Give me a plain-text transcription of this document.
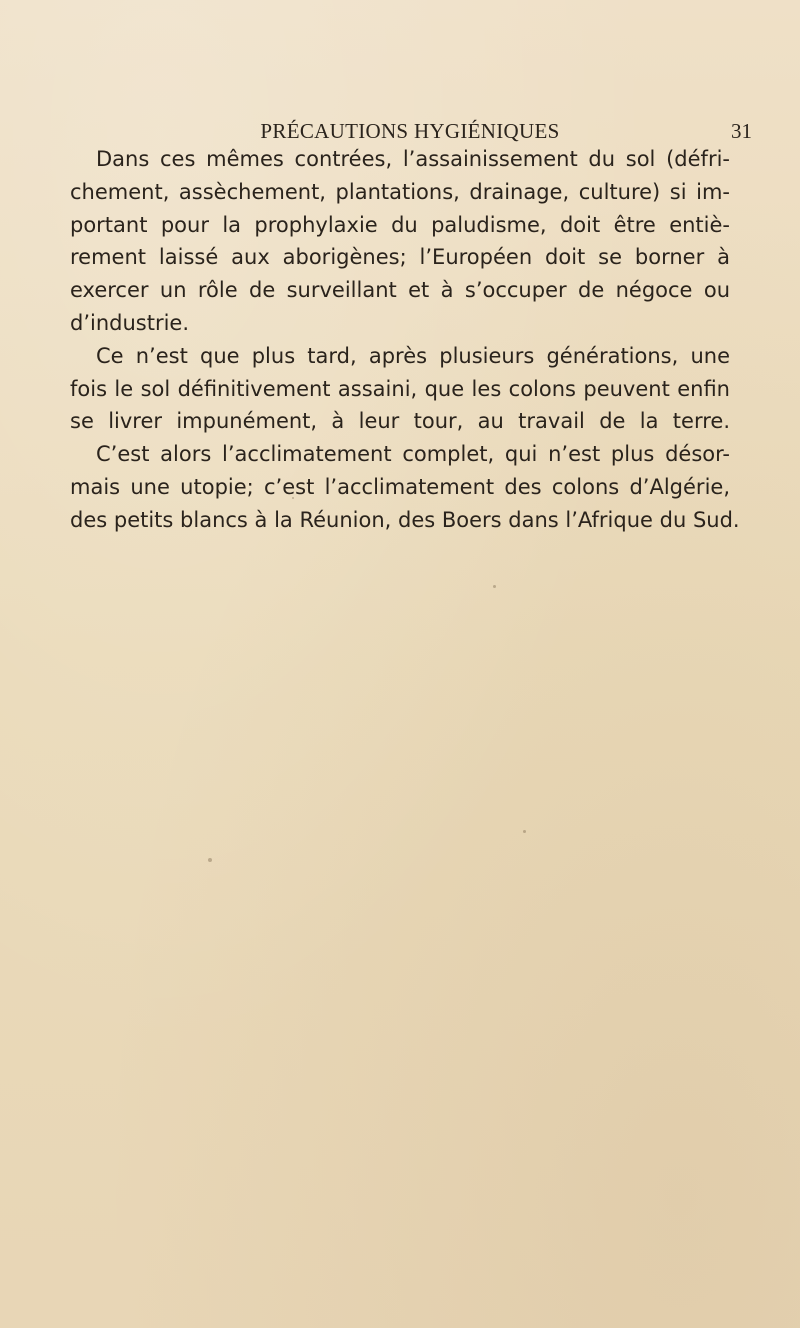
PRÉCAUTIONS HYGIÉNIQUES	31
Dans ces mêmes contrées, l’assainissement du sol (défri-
chement, assèchement, plantations, drainage, culture) si im-
portant pour la prophylaxie du paludisme, doit être entiè-
rement laissé aux aborigènes; l’Européen doit se borner à
exercer un rôle de surveillant et à s’occuper de négoce ou
d’industrie.
Ce n’est que plus tard, après plusieurs générations, une
fois le sol définitivement assaini, que les colons peuvent enfin
se livrer impunément, à leur tour, au travail de la terre.
C’est alors l’acclimatement complet, qui n’est plus désor-
mais une utopie; c’est l’acclimatement des colons d’Algérie,
des petits blancs à la Réunion, des Boers dans l’Afrique du Sud.
